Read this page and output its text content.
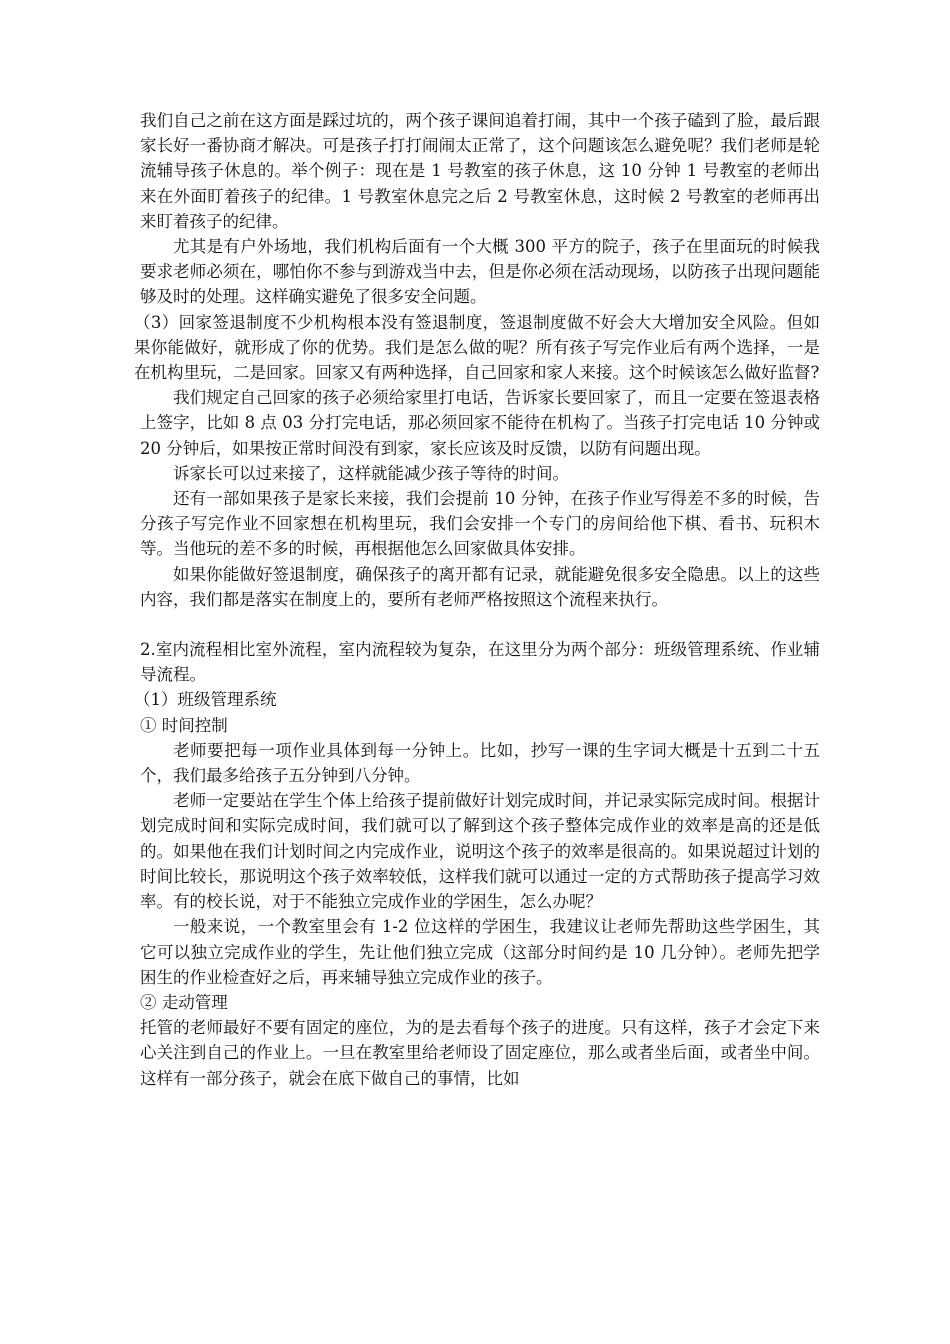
我们自己之前在这方面是踩过坑的，两个孩子课间追着打闹，其中一个孩子磕到了脸，最后跟家长好一番协商才解决。可是孩子打打闹闹太正常了，这个问题该怎么避免呢？我们老师是轮流辅导孩子休息的。举个例子：现在是 1 号教室的孩子休息，这 10 分钟 1 号教室的老师出来在外面盯着孩子的纪律。1 号教室休息完之后 2 号教室休息，这时候 2 号教室的老师再出来盯着孩子的纪律。

尤其是有户外场地，我们机构后面有一个大概 300 平方的院子，孩子在里面玩的时候我要求老师必须在，哪怕你不参与到游戏当中去，但是你必须在活动现场，以防孩子出现问题能够及时的处理。这样确实避免了很多安全问题。

（3）回家签退制度不少机构根本没有签退制度，签退制度做不好会大大增加安全风险。但如果你能做好，就形成了你的优势。我们是怎么做的呢？所有孩子写完作业后有两个选择，一是在机构里玩，二是回家。回家又有两种选择，自己回家和家人来接。这个时候该怎么做好监督?

我们规定自己回家的孩子必须给家里打电话，告诉家长要回家了，而且一定要在签退表格上签字，比如 8 点 03 分打完电话，那必须回家不能待在机构了。当孩子打完电话 10 分钟或 20 分钟后，如果按正常时间没有到家，家长应该及时反馈，以防有问题出现。

诉家长可以过来接了，这样就能减少孩子等待的时间。

还有一部如果孩子是家长来接，我们会提前 10 分钟，在孩子作业写得差不多的时候，告分孩子写完作业不回家想在机构里玩，我们会安排一个专门的房间给他下棋、看书、玩积木等。当他玩的差不多的时候，再根据他怎么回家做具体安排。

如果你能做好签退制度，确保孩子的离开都有记录，就能避免很多安全隐患。以上的这些内容，我们都是落实在制度上的，要所有老师严格按照这个流程来执行。

2.室内流程相比室外流程，室内流程较为复杂，在这里分为两个部分：班级管理系统、作业辅导流程。

（1）班级管理系统

① 时间控制

老师要把每一项作业具体到每一分钟上。比如，抄写一课的生字词大概是十五到二十五个，我们最多给孩子五分钟到八分钟。

老师一定要站在学生个体上给孩子提前做好计划完成时间，并记录实际完成时间。根据计划完成时间和实际完成时间，我们就可以了解到这个孩子整体完成作业的效率是高的还是低的。如果他在我们计划时间之内完成作业，说明这个孩子的效率是很高的。如果说超过计划的时间比较长，那说明这个孩子效率较低，这样我们就可以通过一定的方式帮助孩子提高学习效率。有的校长说，对于不能独立完成作业的学困生，怎么办呢？

一般来说，一个教室里会有 1-2 位这样的学困生，我建议让老师先帮助这些学困生，其它可以独立完成作业的学生，先让他们独立完成（这部分时间约是 10 几分钟）。老师先把学困生的作业检查好之后，再来辅导独立完成作业的孩子。

② 走动管理

托管的老师最好不要有固定的座位，为的是去看每个孩子的进度。只有这样，孩子才会定下来心关注到自己的作业上。一旦在教室里给老师设了固定座位，那么或者坐后面，或者坐中间。这样有一部分孩子，就会在底下做自己的事情，比如
